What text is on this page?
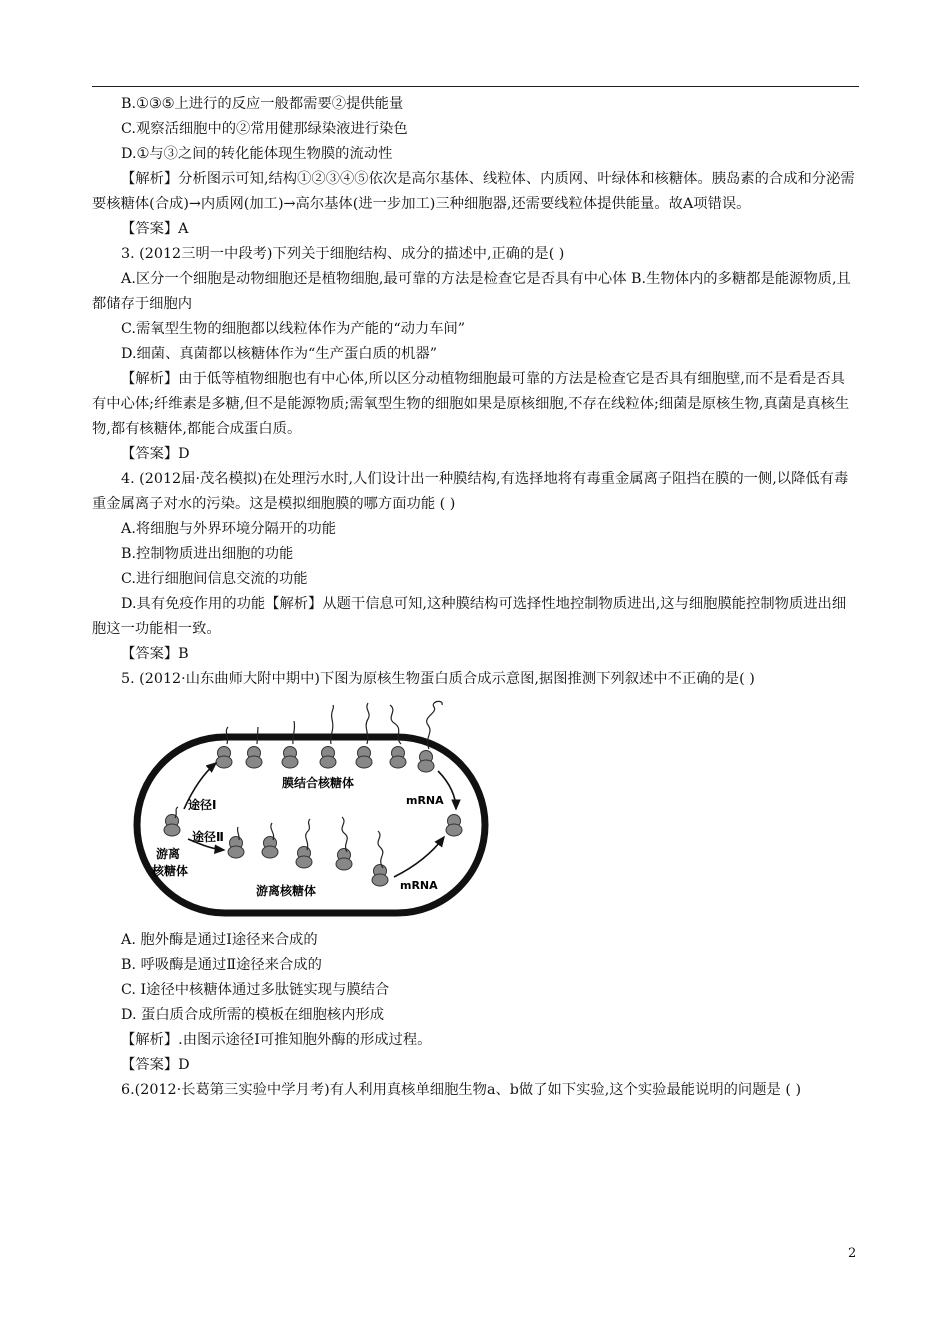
B.①③⑤上进行的反应一般都需要②提供能量

C.观察活细胞中的②常用健那绿染液进行染色

D.①与③之间的转化能体现生物膜的流动性

【解析】分析图示可知,结构①②③④⑤依次是高尔基体、线粒体、内质网、叶绿体和核糖体。胰岛素的合成和分泌需要核糖体(合成)→内质网(加工)→高尔基体(进一步加工)三种细胞器,还需要线粒体提供能量。故A项错误。

【答案】A

3. (2012三明一中段考)下列关于细胞结构、成分的描述中,正确的是( )

A.区分一个细胞是动物细胞还是植物细胞,最可靠的方法是检查它是否具有中心体 B.生物体内的多糖都是能源物质,且都储存于细胞内

C.需氧型生物的细胞都以线粒体作为产能的“动力车间”

D.细菌、真菌都以核糖体作为“生产蛋白质的机器”

【解析】由于低等植物细胞也有中心体,所以区分动植物细胞最可靠的方法是检查它是否具有细胞壁,而不是看是否具有中心体;纤维素是多糖,但不是能源物质;需氧型生物的细胞如果是原核细胞,不存在线粒体;细菌是原核生物,真菌是真核生物,都有核糖体,都能合成蛋白质。

【答案】D

4. (2012届·茂名模拟)在处理污水时,人们设计出一种膜结构,有选择地将有毒重金属离子阻挡在膜的一侧,以降低有毒重金属离子对水的污染。这是模拟细胞膜的哪方面功能 ( )

A.将细胞与外界环境分隔开的功能

B.控制物质进出细胞的功能

C.进行细胞间信息交流的功能

D.具有免疫作用的功能【解析】从题干信息可知,这种膜结构可选择性地控制物质进出,这与细胞膜能控制物质进出细胞这一功能相一致。

【答案】B

5. (2012·山东曲师大附中期中)下图为原核生物蛋白质合成示意图,据图推测下列叙述中不正确的是( )

膜结合核糖体
途径Ⅰ
途径Ⅱ
游离
核糖体
游离核糖体
mRNA
mRNA

A. 胞外酶是通过Ⅰ途径来合成的

B. 呼吸酶是通过Ⅱ途径来合成的

C. Ⅰ途径中核糖体通过多肽链实现与膜结合

D. 蛋白质合成所需的模板在细胞核内形成

【解析】.由图示途径Ⅰ可推知胞外酶的形成过程。

【答案】D

6.(2012·长葛第三实验中学月考)有人利用真核单细胞生物a、b做了如下实验,这个实验最能说明的问题是 ( )

2
